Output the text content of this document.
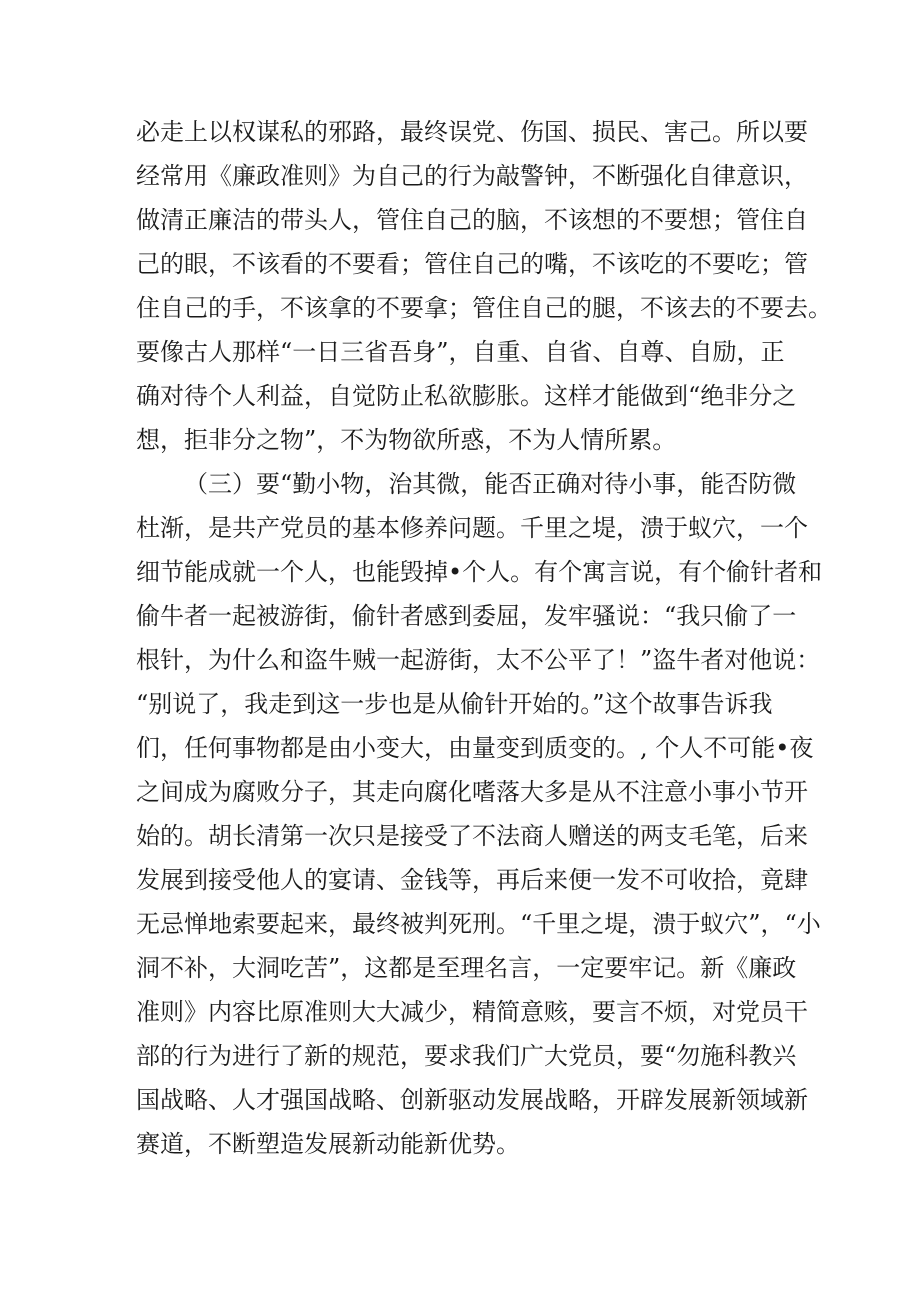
必走上以权谋私的邪路，最终误党、伤国、损民、害己。所以要
经常用《廉政准则》为自己的行为敲警钟，不断强化自律意识，
做清正廉洁的带头人，管住自己的脑，不该想的不要想；管住自
己的眼，不该看的不要看；管住自己的嘴，不该吃的不要吃；管
住自己的手，不该拿的不要拿；管住自己的腿，不该去的不要去。
要像古人那样“一日三省吾身”，自重、自省、自尊、自励，正
确对待个人利益，自觉防止私欲膨胀。这样才能做到“绝非分之
想，拒非分之物”，不为物欲所惑，不为人情所累。
（三）要“勤小物，治其微，能否正确对待小事，能否防微
杜渐，是共产党员的基本修养问题。千里之堤，溃于蚁穴，一个
细节能成就一个人，也能毁掉•个人。有个寓言说，有个偷针者和
偷牛者一起被游街，偷针者感到委屈，发牢骚说：“我只偷了一
根针，为什么和盗牛贼一起游街，太不公平了！”盗牛者对他说：
“别说了，我走到这一步也是从偷针开始的。”这个故事告诉我
们，任何事物都是由小变大，由量变到质变的。, 个人不可能•夜
之间成为腐败分子，其走向腐化嗜落大多是从不注意小事小节开
始的。胡长清第一次只是接受了不法商人赠送的两支毛笔，后来
发展到接受他人的宴请、金钱等，再后来便一发不可收拾，竟肆
无忌惮地索要起来，最终被判死刑。“千里之堤，溃于蚁穴”，“小
洞不补，大洞吃苦”，这都是至理名言，一定要牢记。新《廉政
准则》内容比原准则大大减少，精简意赅，要言不烦，对党员干
部的行为进行了新的规范，要求我们广大党员，要“勿施科教兴
国战略、人才强国战略、创新驱动发展战略，开辟发展新领域新
赛道，不断塑造发展新动能新优势。
